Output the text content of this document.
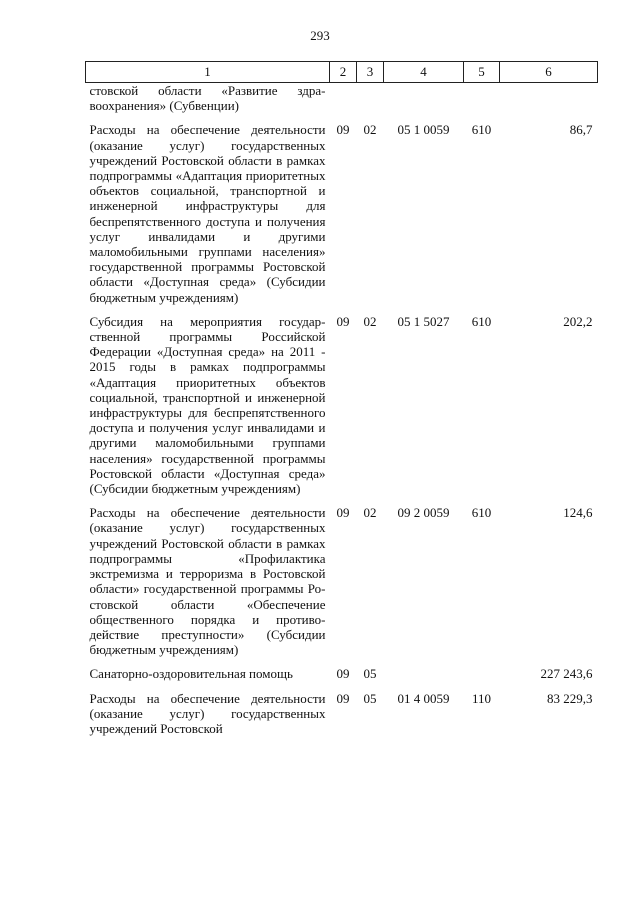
293
1	2	3	4	5	6
стовской области «Развитие здравоохранения» (Субвенции)					
Расходы на обеспечение деятельности (оказание услуг) государственных учреждений Ростовской области в рамках подпрограммы «Адаптация приоритетных объектов социальной, транспортной и инженерной инфраструктуры для беспрепятственного доступа и получения услуг инвалидами и другими маломобильными группами населения» государственной программы Ростовской области «Доступная среда» (Субсидии бюджетным учреждениям)	09	02	05 1 0059	610	86,7
Субсидия на мероприятия государственной программы Российской Федерации «Доступная среда» на 2011 - 2015 годы в рамках подпрограммы «Адаптация приоритетных объектов социальной, транспортной и инженерной инфраструктуры для беспрепятственного доступа и получения услуг инвалидами и другими маломобильными группами населения» государственной программы Ростовской области «Доступная среда» (Субсидии бюджетным учреждениям)	09	02	05 1 5027	610	202,2
Расходы на обеспечение деятельности (оказание услуг) государственных учреждений Ростовской области в рамках подпрограммы «Профилактика экстремизма и терроризма в Ростовской области» государственной программы Ростовской области «Обеспечение общественного порядка и противодействие преступности» (Субсидии бюджетным учреждениям)	09	02	09 2 0059	610	124,6
Санаторно-оздоровительная помощь	09	05			227 243,6
Расходы на обеспечение деятельности (оказание услуг) государственных учреждений Ростовской	09	05	01 4 0059	110	83 229,3
